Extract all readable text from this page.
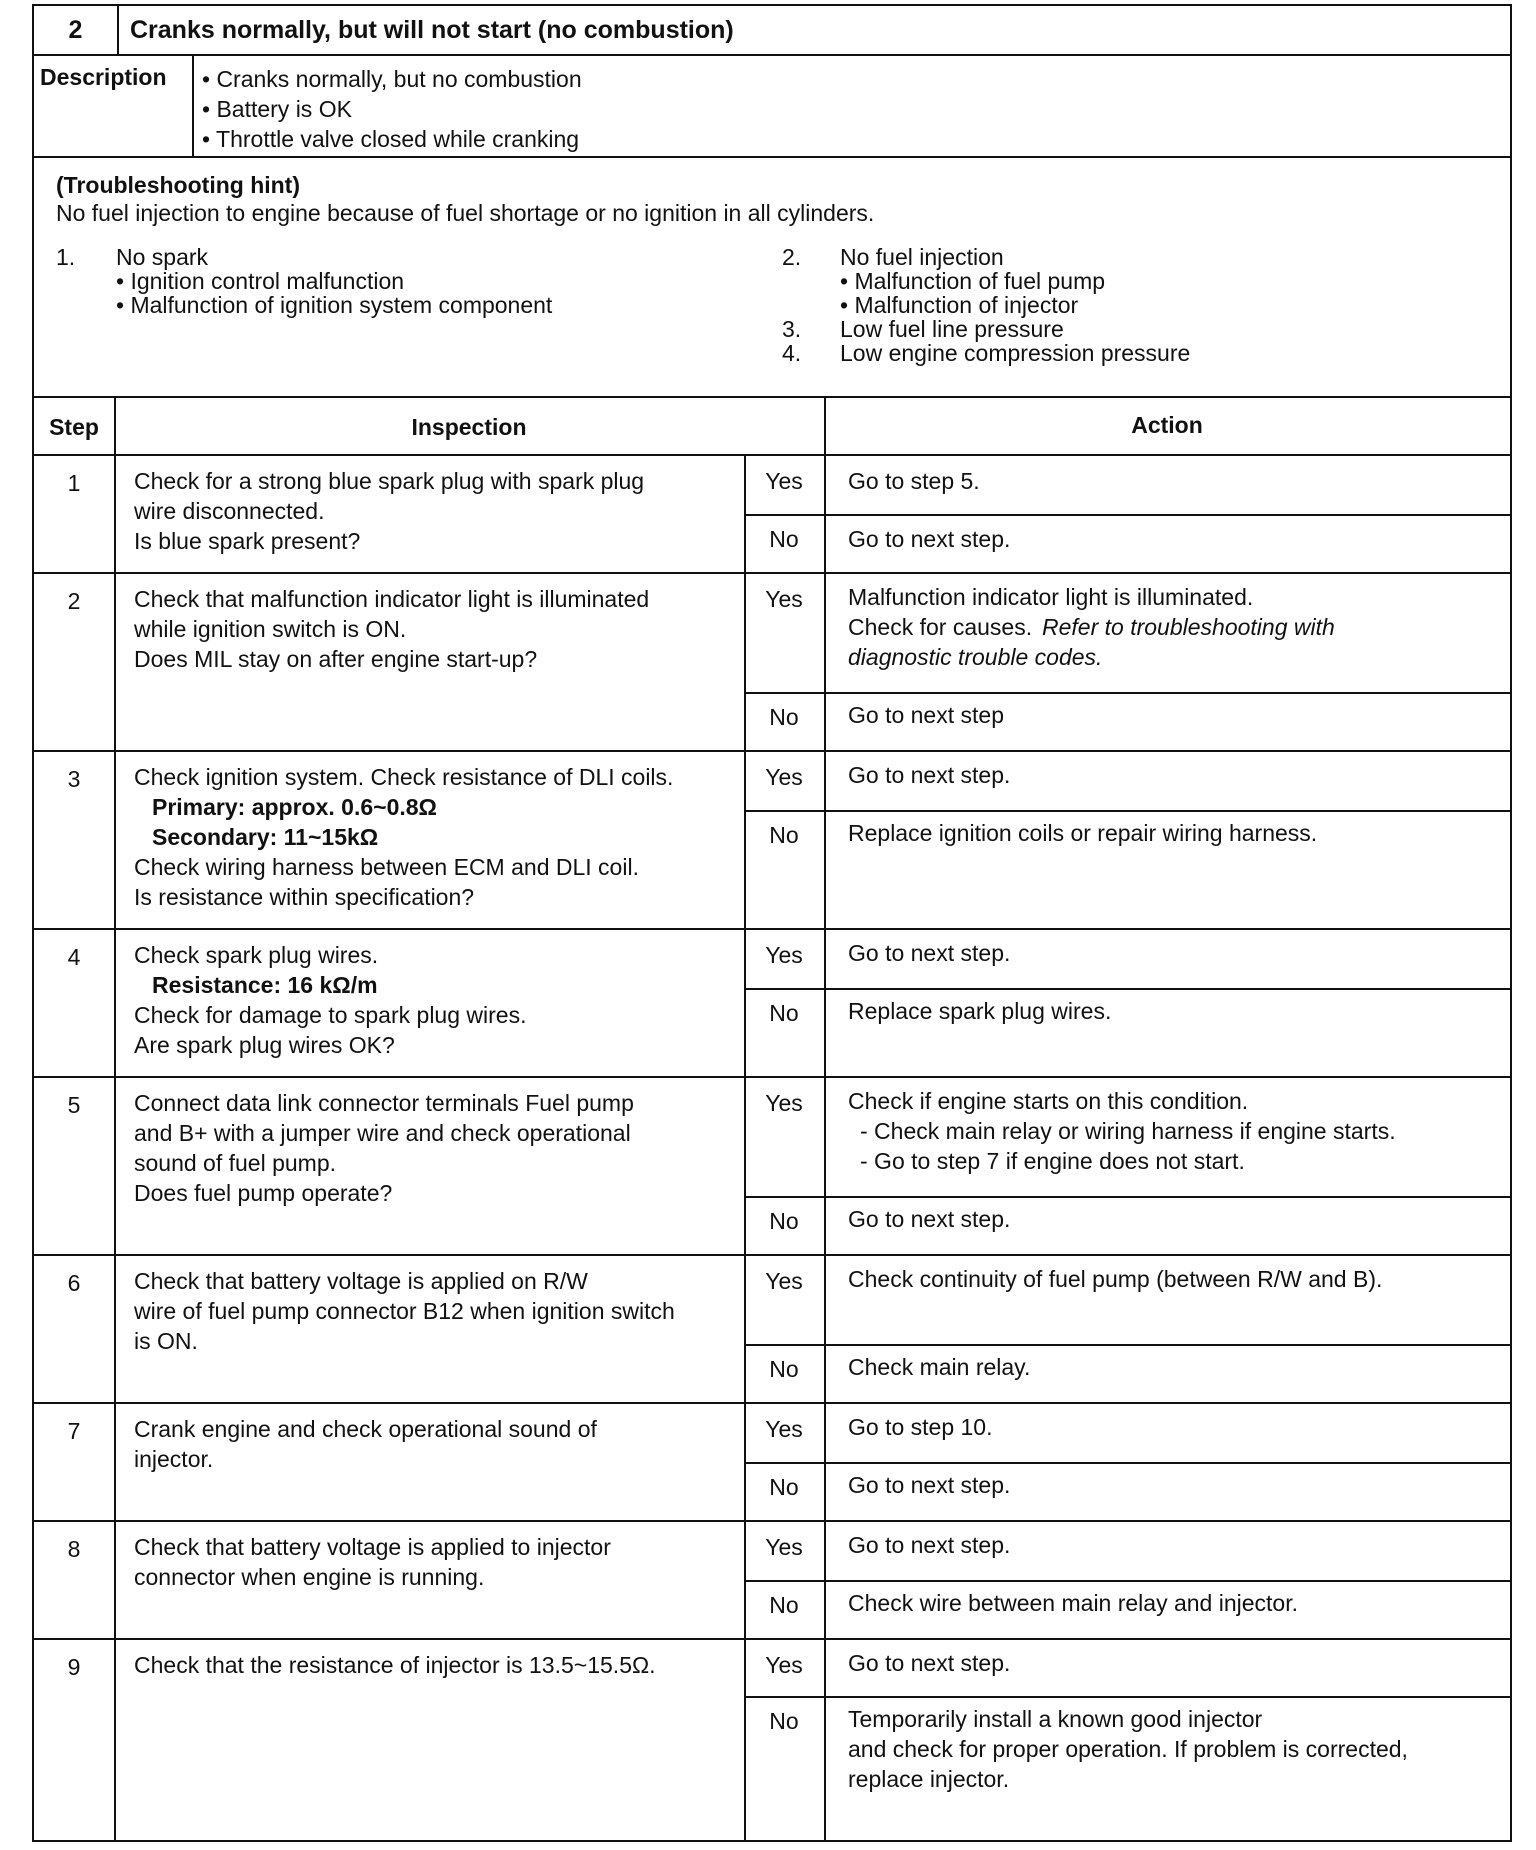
2	Cranks normally, but will not start (no combustion)
Description • Cranks normally, but no combustion
• Battery is OK
• Throttle valve closed while cranking
(Troubleshooting hint)
No fuel injection to engine because of fuel shortage or no ignition in all cylinders.
1. No spark
• Ignition control malfunction
• Malfunction of ignition system component
2. No fuel injection
• Malfunction of fuel pump
• Malfunction of injector
3. Low fuel line pressure
4. Low engine compression pressure
Step	Inspection	Action
1	Check for a strong blue spark plug with spark plug
wire disconnected.
Is blue spark present?
Yes	Go to step 5.
No	Go to next step.
2	Check that malfunction indicator light is illuminated
while ignition switch is ON.
Does MIL stay on after engine start-up?
Yes	Malfunction indicator light is illuminated.
Check for causes. Refer to troubleshooting with
diagnostic trouble codes.
No	Go to next step
3	Check ignition system. Check resistance of DLI coils.
Primary: approx. 0.6~0.8Ω
Secondary: 11~15kΩ
Check wiring harness between ECM and DLI coil.
Is resistance within specification?
Yes	Go to next step.
No	Replace ignition coils or repair wiring harness.
4	Check spark plug wires.
Resistance: 16 kΩ/m
Check for damage to spark plug wires.
Are spark plug wires OK?
Yes	Go to next step.
No	Replace spark plug wires.
5	Connect data link connector terminals Fuel pump
and B+ with a jumper wire and check operational
sound of fuel pump.
Does fuel pump operate?
Yes	Check if engine starts on this condition.
- Check main relay or wiring harness if engine starts.
- Go to step 7 if engine does not start.
No	Go to next step.
6	Check that battery voltage is applied on R/W
wire of fuel pump connector B12 when ignition switch
is ON.
Yes	Check continuity of fuel pump (between R/W and B).
No	Check main relay.
7	Crank engine and check operational sound of
injector.
Yes	Go to step 10.
No	Go to next step.
8	Check that battery voltage is applied to injector
connector when engine is running.
Yes	Go to next step.
No	Check wire between main relay and injector.
9	Check that the resistance of injector is 13.5~15.5Ω.	Yes	Go to next step.
No	Temporarily install a known good injector
and check for proper operation. If problem is corrected,
replace injector.
